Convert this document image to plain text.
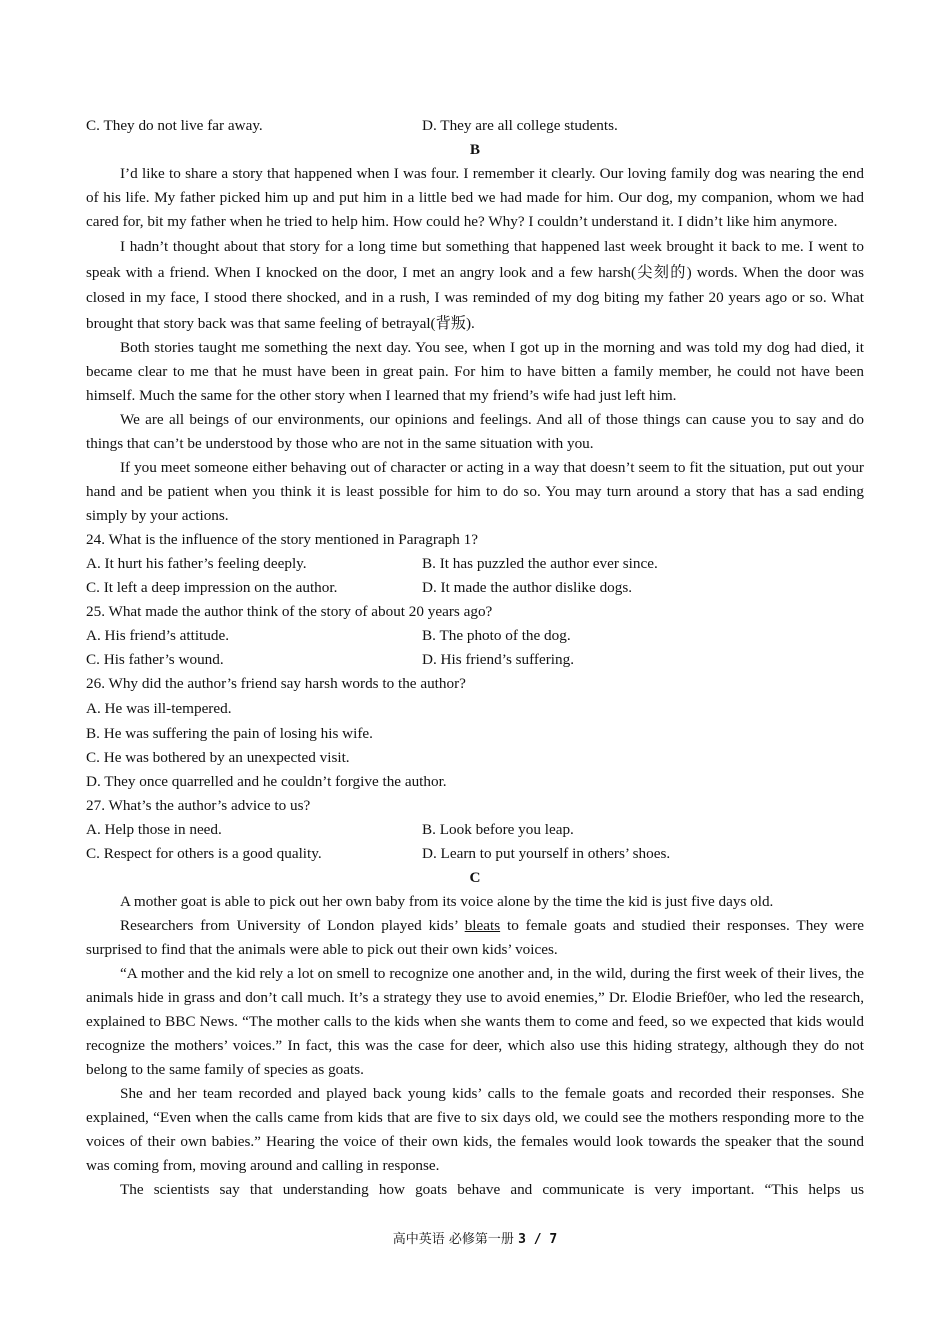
C. They do not live far away.	D. They are all college students.
B

I’d like to share a story that happened when I was four. I remember it clearly. Our loving family dog was nearing the end of his life. My father picked him up and put him in a little bed we had made for him. Our dog, my companion, whom we had cared for, bit my father when he tried to help him. How could he? Why? I couldn’t understand it. I didn’t like him anymore.

I hadn’t thought about that story for a long time but something that happened last week brought it back to me. I went to speak with a friend. When I knocked on the door, I met an angry look and a few harsh(尖刻的) words. When the door was closed in my face, I stood there shocked, and in a rush, I was reminded of my dog biting my father 20 years ago or so. What brought that story back was that same feeling of betrayal(背叛).

Both stories taught me something the next day. You see, when I got up in the morning and was told my dog had died, it became clear to me that he must have been in great pain. For him to have bitten a family member, he could not have been himself. Much the same for the other story when I learned that my friend’s wife had just left him.

We are all beings of our environments, our opinions and feelings. And all of those things can cause you to say and do things that can’t be understood by those who are not in the same situation with you.

If you meet someone either behaving out of character or acting in a way that doesn’t seem to fit the situation, put out your hand and be patient when you think it is least possible for him to do so. You may turn around a story that has a sad ending simply by your actions.

24. What is the influence of the story mentioned in Paragraph 1?

A. It hurt his father’s feeling deeply.	B. It has puzzled the author ever since.
C. It left a deep impression on the author.	D. It made the author dislike dogs.

25. What made the author think of the story of about 20 years ago?

A. His friend’s attitude.	B. The photo of the dog.
C. His father’s wound.	D. His friend’s suffering.

26. Why did the author’s friend say harsh words to the author?

A. He was ill‐tempered.

B. He was suffering the pain of losing his wife.

C. He was bothered by an unexpected visit.

D. They once quarrelled and he couldn’t forgive the author.

27. What’s the author’s advice to us?

A. Help those in need.	B. Look before you leap.
C. Respect for others is a good quality.	D. Learn to put yourself in others’ shoes.
C

A mother goat is able to pick out her own baby from its voice alone by the time the kid is just five days old.

Researchers from University of London played kids’ bleats to female goats and studied their responses. They were surprised to find that the animals were able to pick out their own kids’ voices.

“A mother and the kid rely a lot on smell to recognize one another and, in the wild, during the first week of their lives, the animals hide in grass and don’t call much. It’s a strategy they use to avoid enemies,” Dr. Elodie Brief0er, who led the research, explained to BBC News. “The mother calls to the kids when she wants them to come and feed, so we expected that kids would recognize the mothers’ voices.” In fact, this was the case for deer, which also use this hiding strategy, although they do not belong to the same family of species as goats.

She and her team recorded and played back young kids’ calls to the female goats and recorded their responses. She explained, “Even when the calls came from kids that are five to six days old, we could see the mothers responding more to the voices of their own babies.” Hearing the voice of their own kids, the females would look towards the speaker that the sound was coming from, moving around and calling in response.

The scientists say that understanding how goats behave and communicate is very important. “This helps us

高中英语 必修第一册 3 / 7
